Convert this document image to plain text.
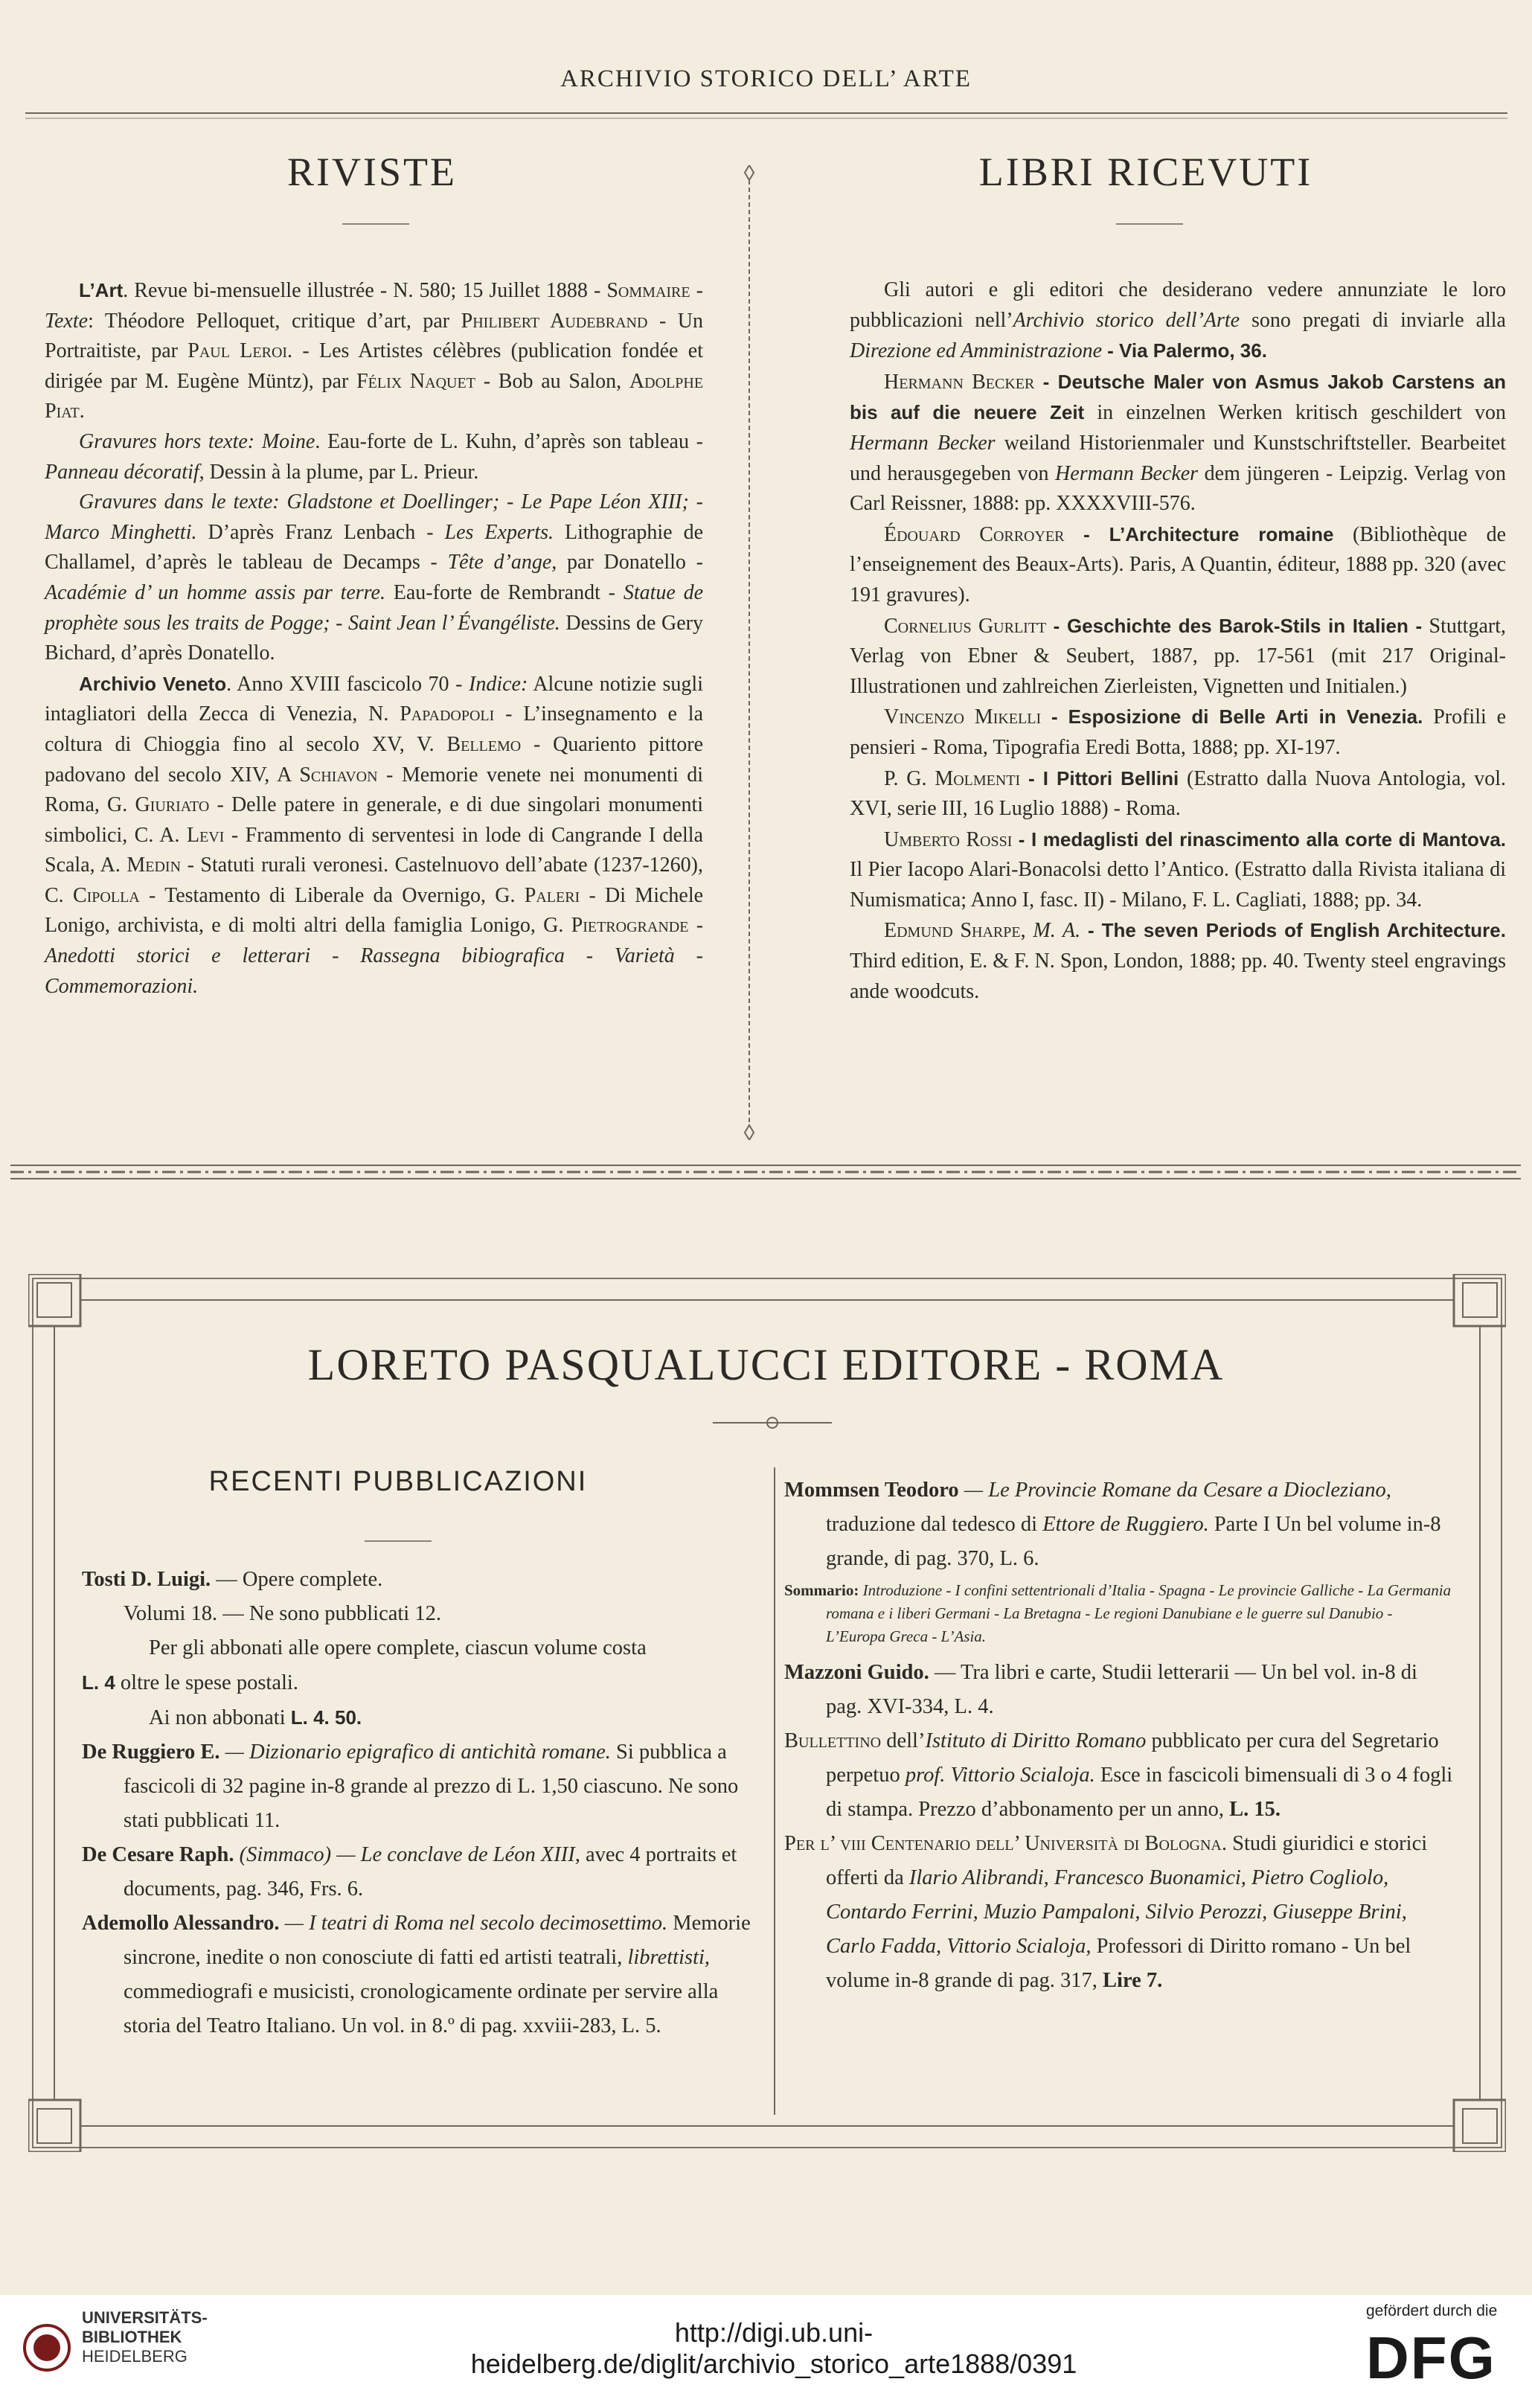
ARCHIVIO STORICO DELL’ ARTE
RIVISTE	LIBRI RICEVUTI

L’Art. Revue bi-mensuelle illustrée - N. 580; 15 Juillet 1888 - Sommaire - Texte: Théodore Pelloquet, critique d’art, par Philibert Audebrand - Un Portraitiste, par Paul Leroi. - Les Artistes célèbres (publication fondée et dirigée par M. Eugène Müntz), par Félix Naquet - Bob au Salon, Adolphe Piat.

Gravures hors texte: Moine. Eau-forte de L. Kuhn, d’après son tableau - Panneau décoratif, Dessin à la plume, par L. Prieur.

Gravures dans le texte: Gladstone et Doellinger; - Le Pape Léon XIII; - Marco Minghetti. D’après Franz Lenbach - Les Experts. Lithographie de Challamel, d’après le tableau de Decamps - Tête d’ange, par Donatello - Académie d’ un homme assis par terre. Eau-forte de Rembrandt - Statue de prophète sous les traits de Pogge; - Saint Jean l’ Évangéliste. Dessins de Gery Bichard, d’après Donatello.

Archivio Veneto. Anno XVIII fascicolo 70 - Indice: Alcune notizie sugli intagliatori della Zecca di Venezia, N. Papadopoli - L’insegnamento e la coltura di Chioggia fino al secolo XV, V. Bellemo - Quariento pittore padovano del secolo XIV, A Schiavon - Memorie venete nei monumenti di Roma, G. Giuriato - Delle patere in generale, e di due singolari monumenti simbolici, C. A. Levi - Frammento di serventesi in lode di Cangrande I della Scala, A. Medin - Statuti rurali veronesi. Castelnuovo dell’abate (1237-1260), C. Cipolla - Testamento di Liberale da Overnigo, G. Paleri - Di Michele Lonigo, archivista, e di molti altri della famiglia Lonigo, G. Pietrogrande - Anedotti storici e letterari - Rassegna bibiografica - Varietà - Commemorazioni.

Gli autori e gli editori che desiderano vedere annunziate le loro pubblicazioni nell’Archivio storico dell’Arte sono pregati di inviarle alla Direzione ed Amministrazione - Via Palermo, 36.

Hermann Becker - Deutsche Maler von Asmus Jakob Carstens an bis auf die neuere Zeit in einzelnen Werken kritisch geschildert von Hermann Becker weiland Historienmaler und Kunstschriftsteller. Bearbeitet und herausgegeben von Hermann Becker dem jüngeren - Leipzig. Verlag von Carl Reissner, 1888: pp. XXXXVIII-576.

Édouard Corroyer - L’Architecture romaine (Bibliothèque de l’enseignement des Beaux-Arts). Paris, A Quantin, éditeur, 1888 pp. 320 (avec 191 gravures).

Cornelius Gurlitt - Geschichte des Barok-Stils in Italien - Stuttgart, Verlag von Ebner & Seubert, 1887, pp. 17-561 (mit 217 Original-Illustrationen und zahlreichen Zierleisten, Vignetten und Initialen.)

Vincenzo Mikelli - Esposizione di Belle Arti in Venezia. Profili e pensieri - Roma, Tipografia Eredi Botta, 1888; pp. XI-197.

P. G. Molmenti - I Pittori Bellini (Estratto dalla Nuova Antologia, vol. XVI, serie III, 16 Luglio 1888) - Roma.

Umberto Rossi - I medaglisti del rinascimento alla corte di Mantova. Il Pier Iacopo Alari-Bonacolsi detto l’Antico. (Estratto dalla Rivista italiana di Numismatica; Anno I, fasc. II) - Milano, F. L. Cagliati, 1888; pp. 34.

Edmund Sharpe, M. A. - The seven Periods of English Architecture. Third edition, E. & F. N. Spon, London, 1888; pp. 40. Twenty steel engravings ande woodcuts.

LORETO PASQUALUCCI EDITORE - ROMA
RECENTI PUBBLICAZIONI
Tosti D. Luigi. — Opere complete.
Volumi 18. — Ne sono pubblicati 12.
Per gli abbonati alle opere complete, ciascun volume costa
L. 4 oltre le spese postali.
Ai non abbonati L. 4. 50.
De Ruggiero E. — Dizionario epigrafico di antichità romane. Si pubblica a fascicoli di 32 pagine in-8 grande al prezzo di L. 1,50 ciascuno. Ne sono stati pubblicati 11.
De Cesare Raph. (Simmaco) — Le conclave de Léon XIII, avec 4 portraits et documents, pag. 346, Frs. 6.
Ademollo Alessandro. — I teatri di Roma nel secolo decimosettimo. Memorie sincrone, inedite o non conosciute di fatti ed artisti teatrali, librettisti, commediografi e musicisti, cronologicamente ordinate per servire alla storia del Teatro Italiano. Un vol. in 8.º di pag. xxviii-283, L. 5.
Mommsen Teodoro — Le Provincie Romane da Cesare a Diocleziano, traduzione dal tedesco di Ettore de Ruggiero. Parte I Un bel volume in-8 grande, di pag. 370, L. 6.
Sommario: Introduzione - I confini settentrionali d’Italia - Spagna - Le provincie Galliche - La Germania romana e i liberi Germani - La Bretagna - Le regioni Danubiane e le guerre sul Danubio - L’Europa Greca - L’Asia.
Mazzoni Guido. — Tra libri e carte, Studii letterarii — Un bel vol. in-8 di pag. XVI-334, L. 4.
Bullettino dell’Istituto di Diritto Romano pubblicato per cura del Segretario perpetuo prof. Vittorio Scialoja. Esce in fascicoli bimensuali di 3 o 4 fogli di stampa. Prezzo d’abbonamento per un anno, L. 15.
Per l’ viii Centenario dell’ Università di Bologna. Studi giuridici e storici offerti da Ilario Alibrandi, Francesco Buonamici, Pietro Cogliolo, Contardo Ferrini, Muzio Pampaloni, Silvio Perozzi, Giuseppe Brini, Carlo Fadda, Vittorio Scialoja, Professori di Diritto romano - Un bel volume in-8 grande di pag. 317, Lire 7.
UNIVERSITÄTS-
BIBLIOTHEK
HEIDELBERG
http://digi.ub.uni-heidelberg.de/diglit/archivio_storico_arte1888/0391
gefördert durch die
DFG
